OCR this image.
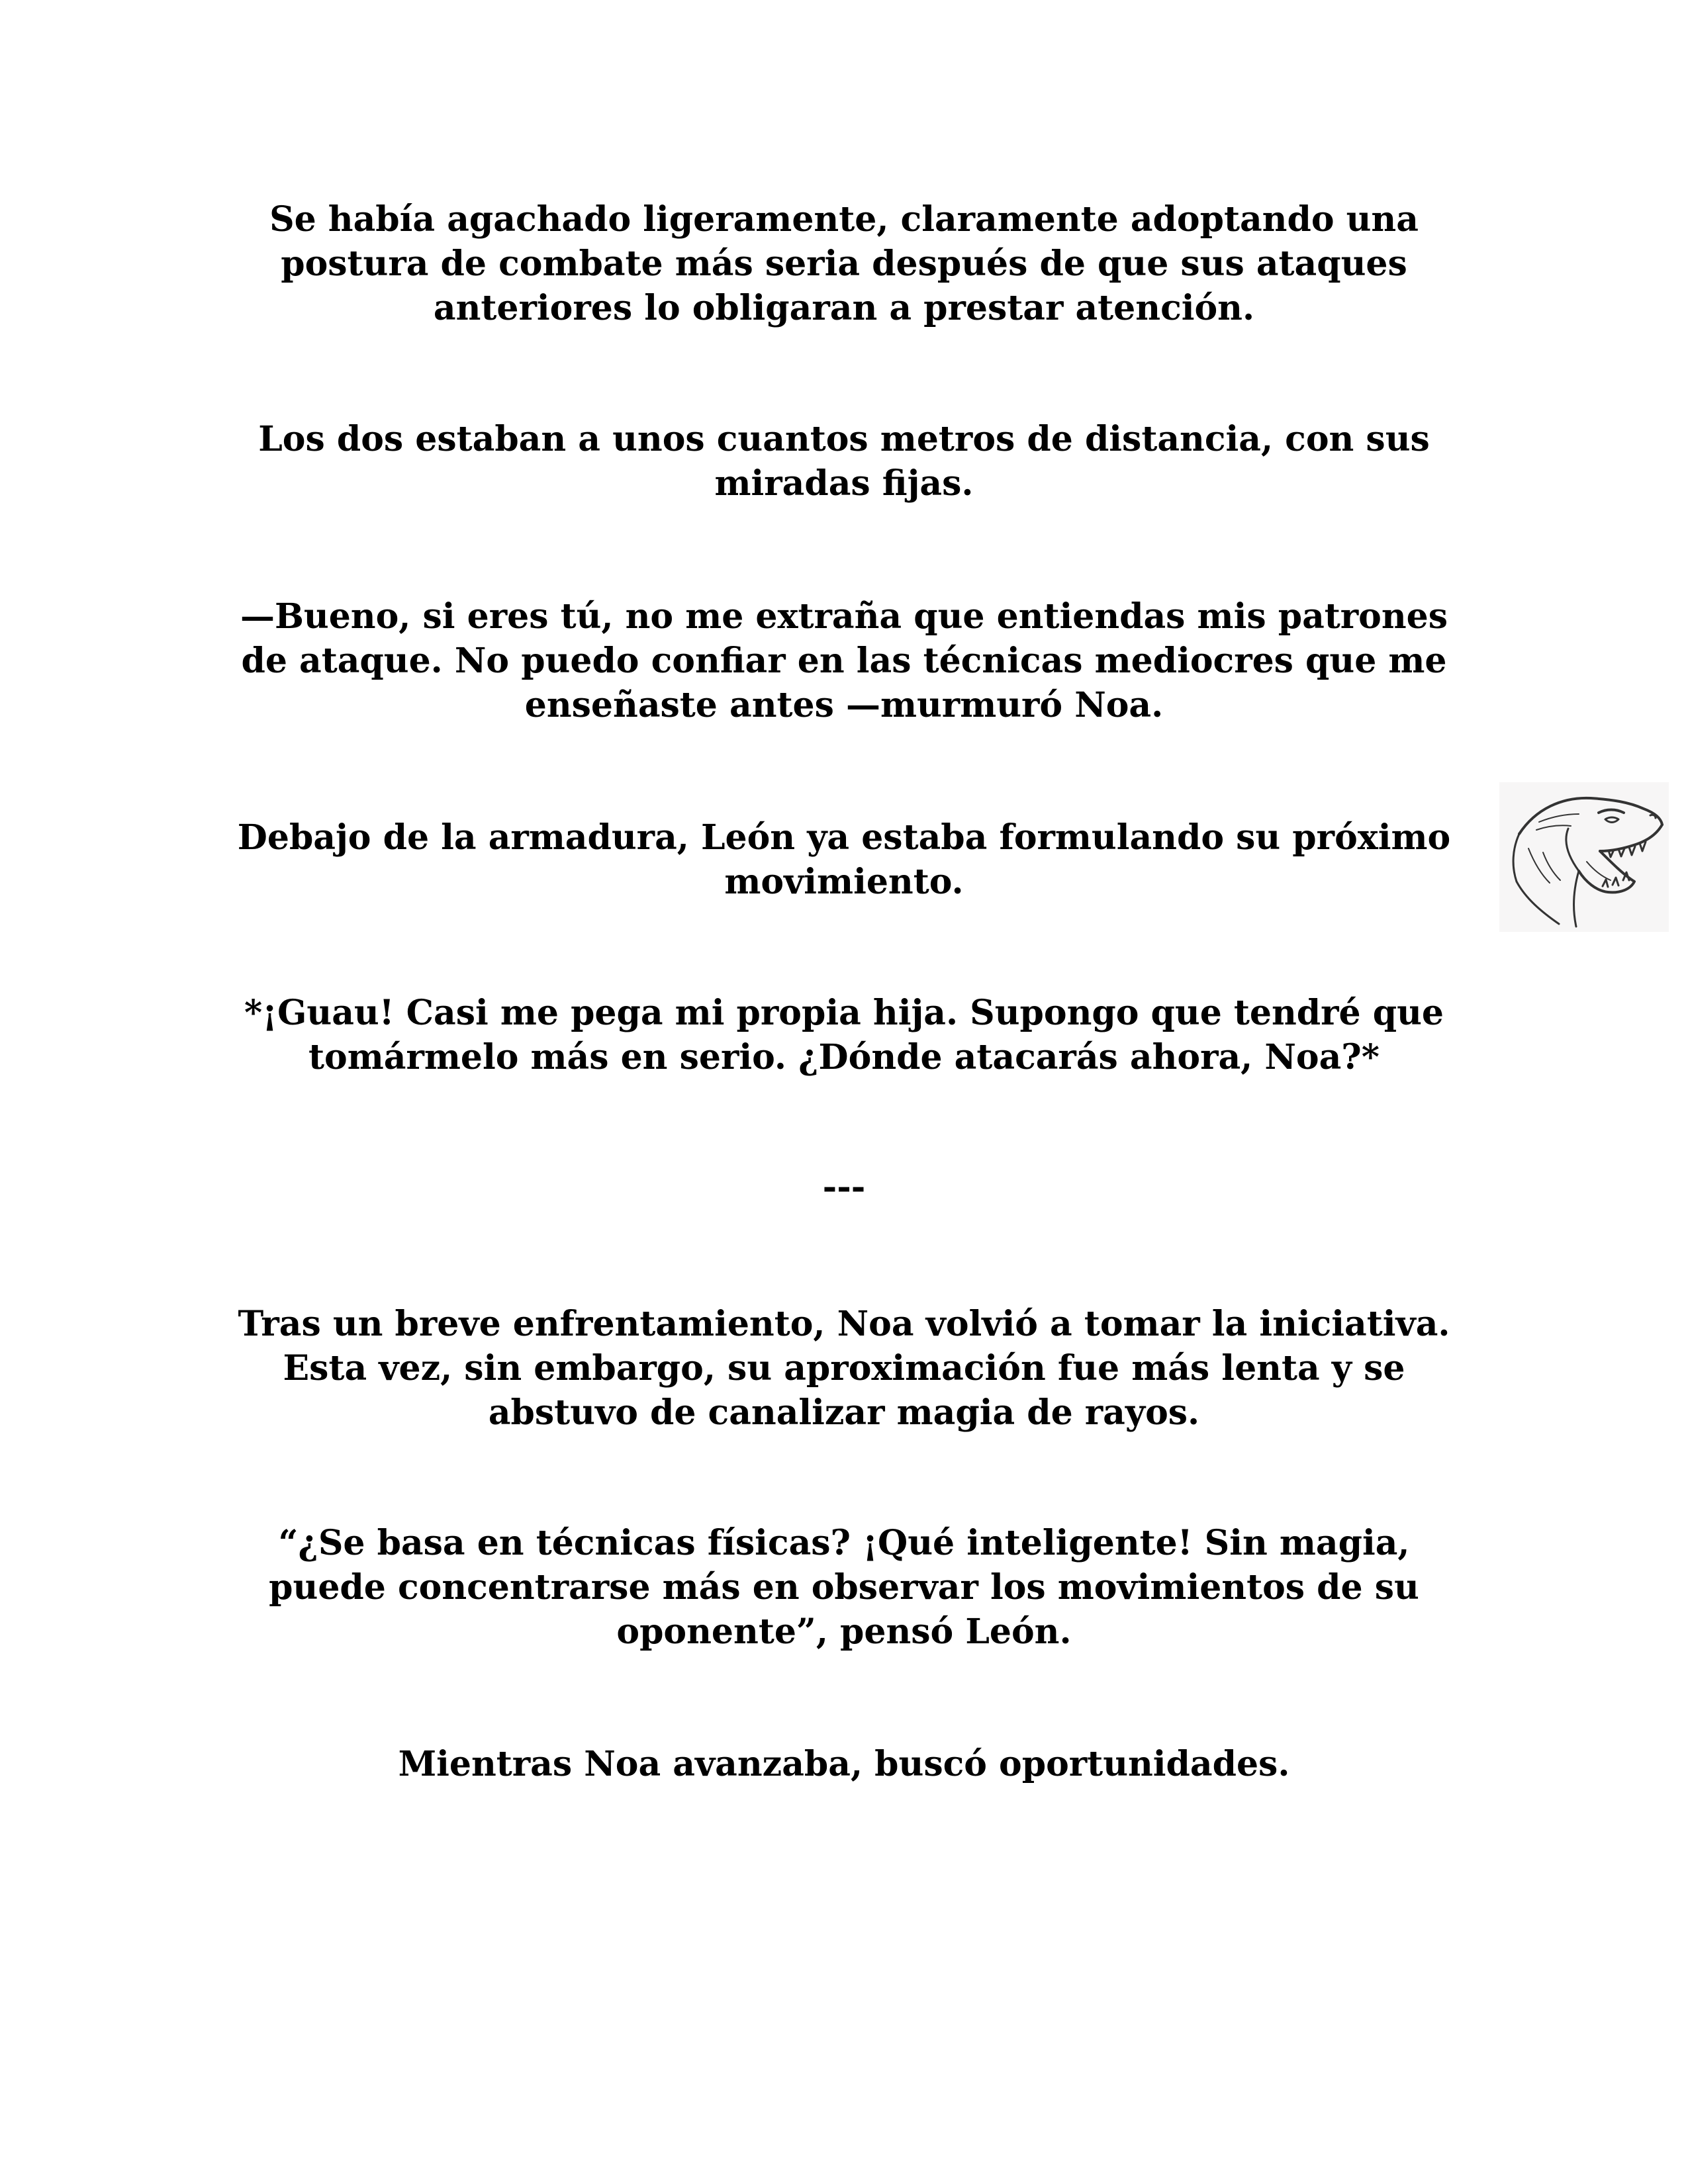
Se había agachado ligeramente, claramente adoptando una postura de combate más seria después de que sus ataques anteriores lo obligaran a prestar atención.

Los dos estaban a unos cuantos metros de distancia, con sus miradas fijas.

—Bueno, si eres tú, no me extraña que entiendas mis patrones de ataque. No puedo confiar en las técnicas mediocres que me enseñaste antes —murmuró Noa.

Debajo de la armadura, León ya estaba formulando su próximo movimiento.

*¡Guau! Casi me pega mi propia hija. Supongo que tendré que tomármelo más en serio. ¿Dónde atacarás ahora, Noa?*

---

Tras un breve enfrentamiento, Noa volvió a tomar la iniciativa. Esta vez, sin embargo, su aproximación fue más lenta y se abstuvo de canalizar magia de rayos.

“¿Se basa en técnicas físicas? ¡Qué inteligente! Sin magia, puede concentrarse más en observar los movimientos de su oponente”, pensó León.

Mientras Noa avanzaba, buscó oportunidades.
